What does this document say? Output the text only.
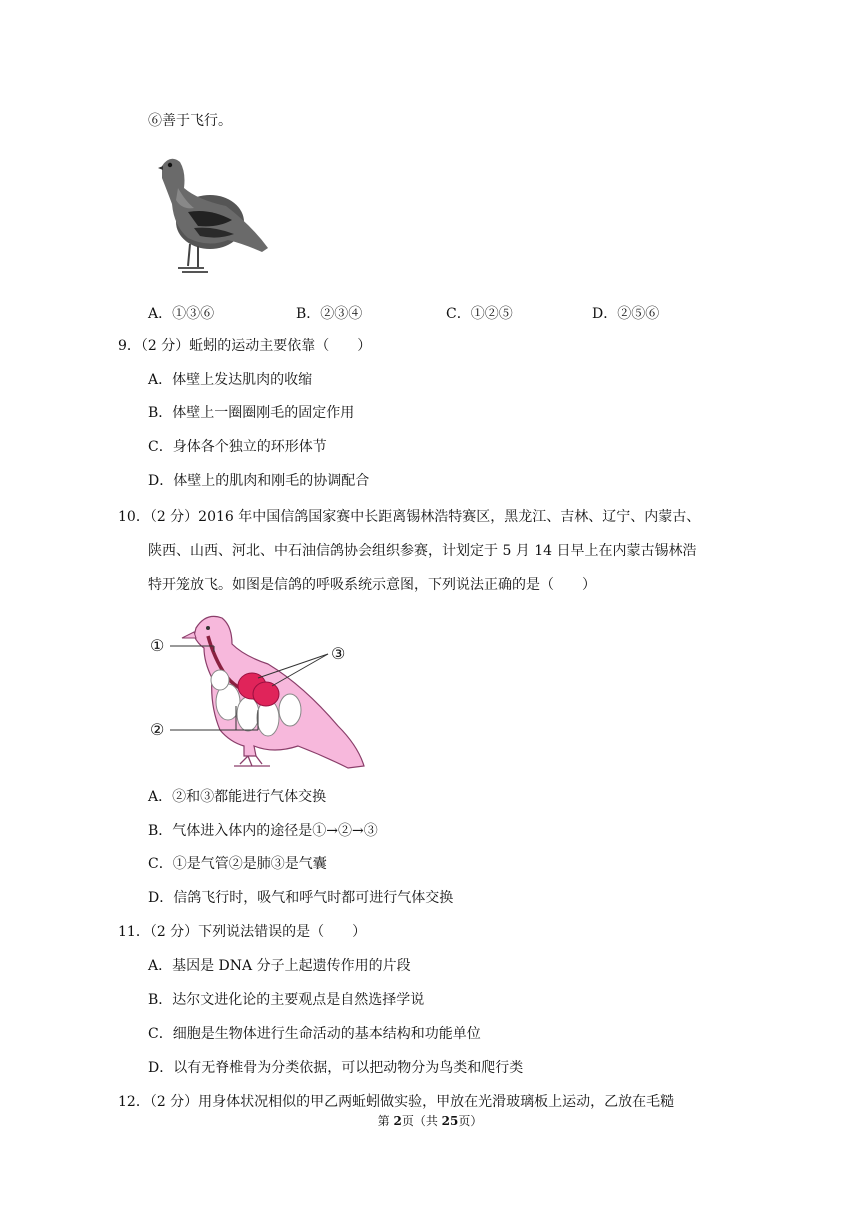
⑥善于飞行。
A．①③⑥	B．②③④	C．①②⑤	D．②⑤⑥
9．（2 分）蚯蚓的运动主要依靠（　　）
A．体壁上发达肌肉的收缩
B．体壁上一圈圈刚毛的固定作用
C．身体各个独立的环形体节
D．体壁上的肌肉和刚毛的协调配合
10．（2 分）2016 年中国信鸽国家赛中长距离锡林浩特赛区，黑龙江、吉林、辽宁、内蒙古、
陕西、山西、河北、中石油信鸽协会组织参赛，计划定于 5 月 14 日早上在内蒙古锡林浩
特开笼放飞。如图是信鸽的呼吸系统示意图，下列说法正确的是（　　）
①
②
③
A．②和③都能进行气体交换
B．气体进入体内的途径是①→②→③
C．①是气管②是肺③是气囊
D．信鸽飞行时，吸气和呼气时都可进行气体交换
11．（2 分）下列说法错误的是（　　）
A．基因是 DNA 分子上起遗传作用的片段
B．达尔文进化论的主要观点是自然选择学说
C．细胞是生物体进行生命活动的基本结构和功能单位
D．以有无脊椎骨为分类依据，可以把动物分为鸟类和爬行类
12．（2 分）用身体状况相似的甲乙两蚯蚓做实验，甲放在光滑玻璃板上运动，乙放在毛糙
第 2页（共 25页）
